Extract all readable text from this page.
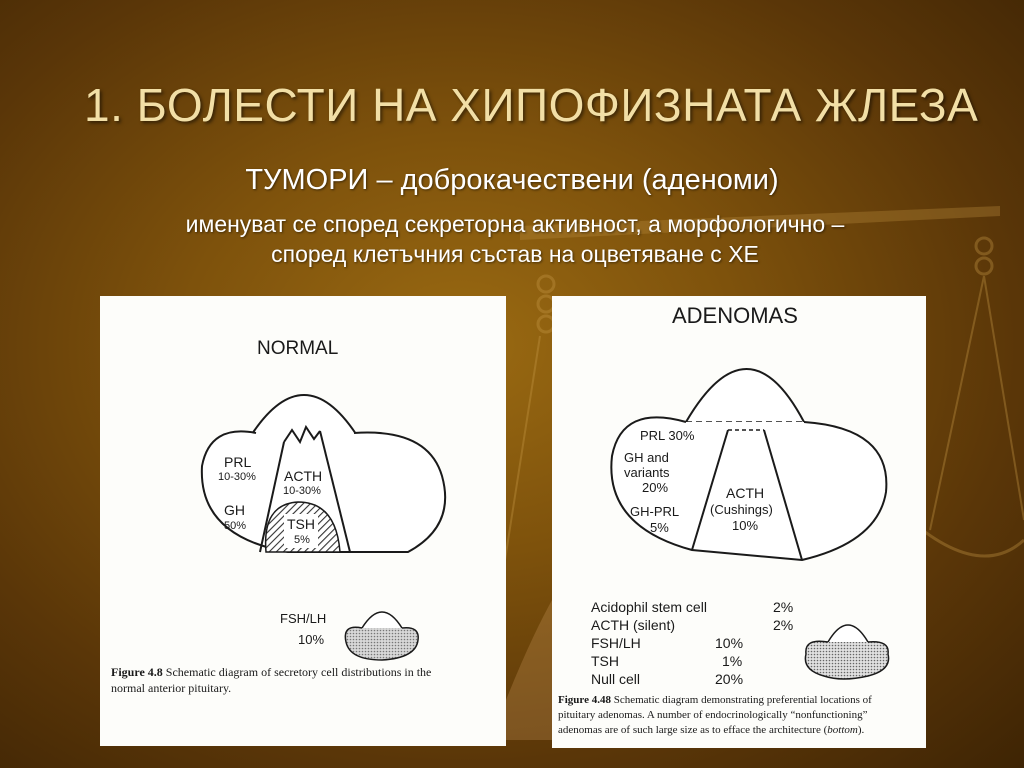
1. БОЛЕСТИ НА ХИПОФИЗНАТА ЖЛЕЗА
ТУМОРИ – доброкачествени (аденоми)
именуват се според секреторна активност, а морфологично –
според клетъчния състав на оцветяване с ХЕ
NORMAL
PRL
10-30%
GH
50%
ACTH
10-30%
TSH
5%
FSH/LH
10%
Figure 4.8 Schematic diagram of secretory cell distributions in the
normal anterior pituitary.
ADENOMAS
PRL 30%
GH and
variants
20%
GH-PRL
5%
ACTH
(Cushings)
10%
Acidophil stem cell	2%
ACTH (silent)	2%
FSH/LH	10%
TSH	1%
Null cell	20%
Figure 4.48 Schematic diagram demonstrating preferential locations of
pituitary adenomas. A number of endocrinologically “nonfunctioning”
adenomas are of such large size as to efface the architecture (bottom).
